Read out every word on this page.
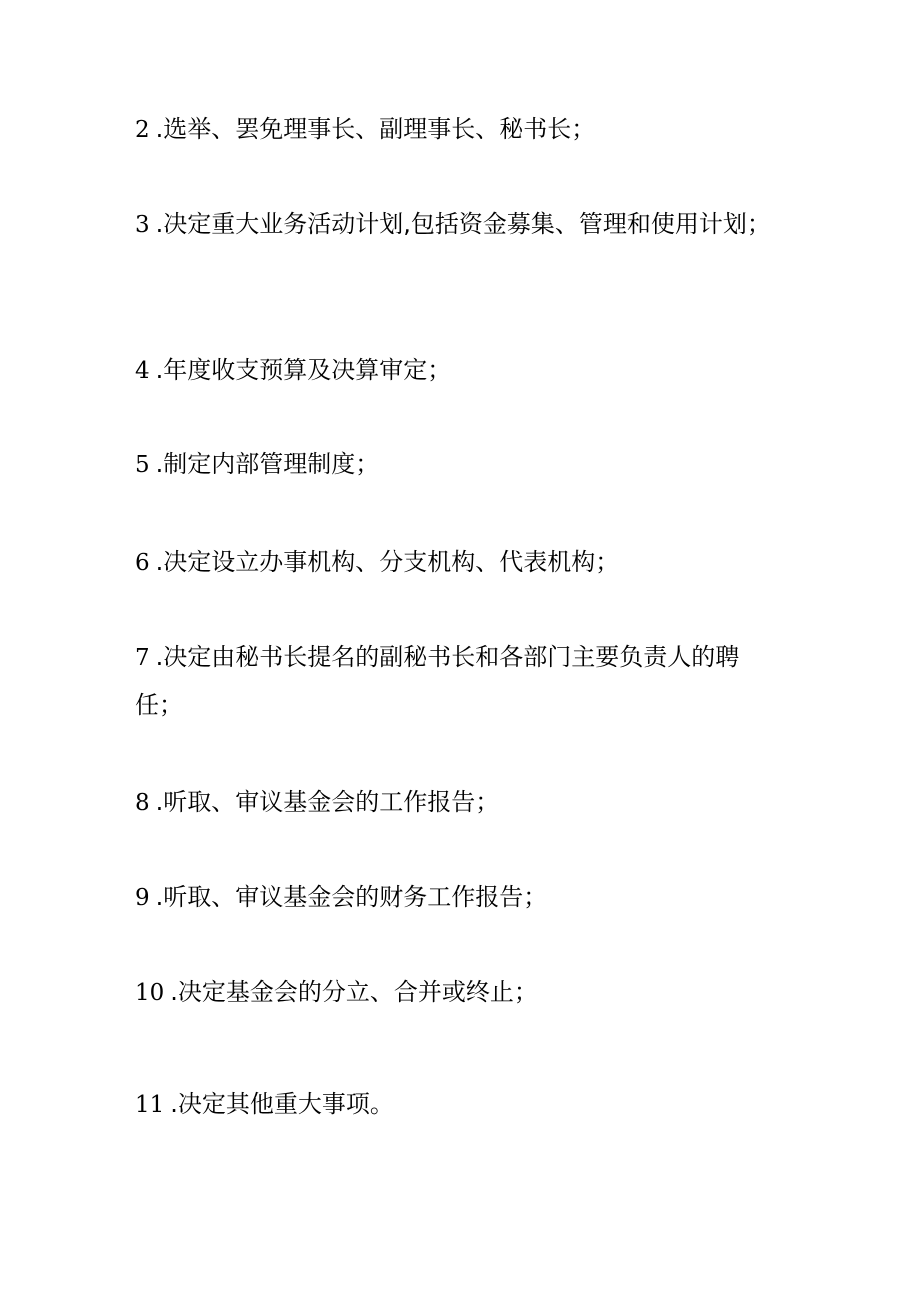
2 .选举、罢免理事长、副理事长、秘书长；
3 .决定重大业务活动计划,包括资金募集、管理和使用计划；
4 .年度收支预算及决算审定；
5 .制定内部管理制度；
6 .决定设立办事机构、分支机构、代表机构；
7 .决定由秘书长提名的副秘书长和各部门主要负责人的聘任；
8 .听取、审议基金会的工作报告；
9 .听取、审议基金会的财务工作报告；
10 .决定基金会的分立、合并或终止；
11 .决定其他重大事项。
